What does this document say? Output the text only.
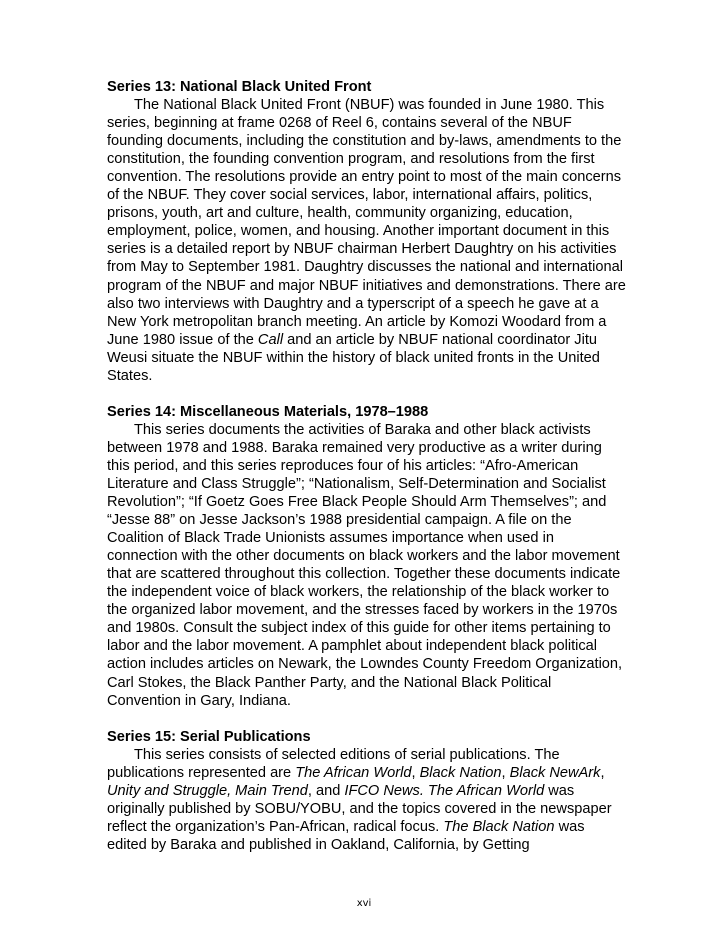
Series 13: National Black United Front

The National Black United Front (NBUF) was founded in June 1980. This series, beginning at frame 0268 of Reel 6, contains several of the NBUF founding documents, including the constitution and by-laws, amendments to the constitution, the founding convention program, and resolutions from the first convention. The resolutions provide an entry point to most of the main concerns of the NBUF. They cover social services, labor, international affairs, politics, prisons, youth, art and culture, health, community organizing, education, employment, police, women, and housing. Another important document in this series is a detailed report by NBUF chairman Herbert Daughtry on his activities from May to September 1981. Daughtry discusses the national and international program of the NBUF and major NBUF initiatives and demonstrations. There are also two interviews with Daughtry and a typerscript of a speech he gave at a New York metropolitan branch meeting. An article by Komozi Woodard from a June 1980 issue of the Call and an article by NBUF national coordinator Jitu Weusi situate the NBUF within the history of black united fronts in the United States.

Series 14: Miscellaneous Materials, 1978–1988

This series documents the activities of Baraka and other black activists between 1978 and 1988. Baraka remained very productive as a writer during this period, and this series reproduces four of his articles: “Afro-American Literature and Class Struggle”; “Nationalism, Self-Determination and Socialist Revolution”; “If Goetz Goes Free Black People Should Arm Themselves”; and “Jesse 88” on Jesse Jackson’s 1988 presidential campaign. A file on the Coalition of Black Trade Unionists assumes importance when used in connection with the other documents on black workers and the labor movement that are scattered throughout this collection. Together these documents indicate the independent voice of black workers, the relationship of the black worker to the organized labor movement, and the stresses faced by workers in the 1970s and 1980s. Consult the subject index of this guide for other items pertaining to labor and the labor movement. A pamphlet about independent black political action includes articles on Newark, the Lowndes County Freedom Organization, Carl Stokes, the Black Panther Party, and the National Black Political Convention in Gary, Indiana.

Series 15: Serial Publications

This series consists of selected editions of serial publications. The publications represented are The African World, Black Nation, Black NewArk, Unity and Struggle, Main Trend, and IFCO News. The African World was originally published by SOBU/YOBU, and the topics covered in the newspaper reflect the organization’s Pan-African, radical focus. The Black Nation was edited by Baraka and published in Oakland, California, by Getting

xvi
